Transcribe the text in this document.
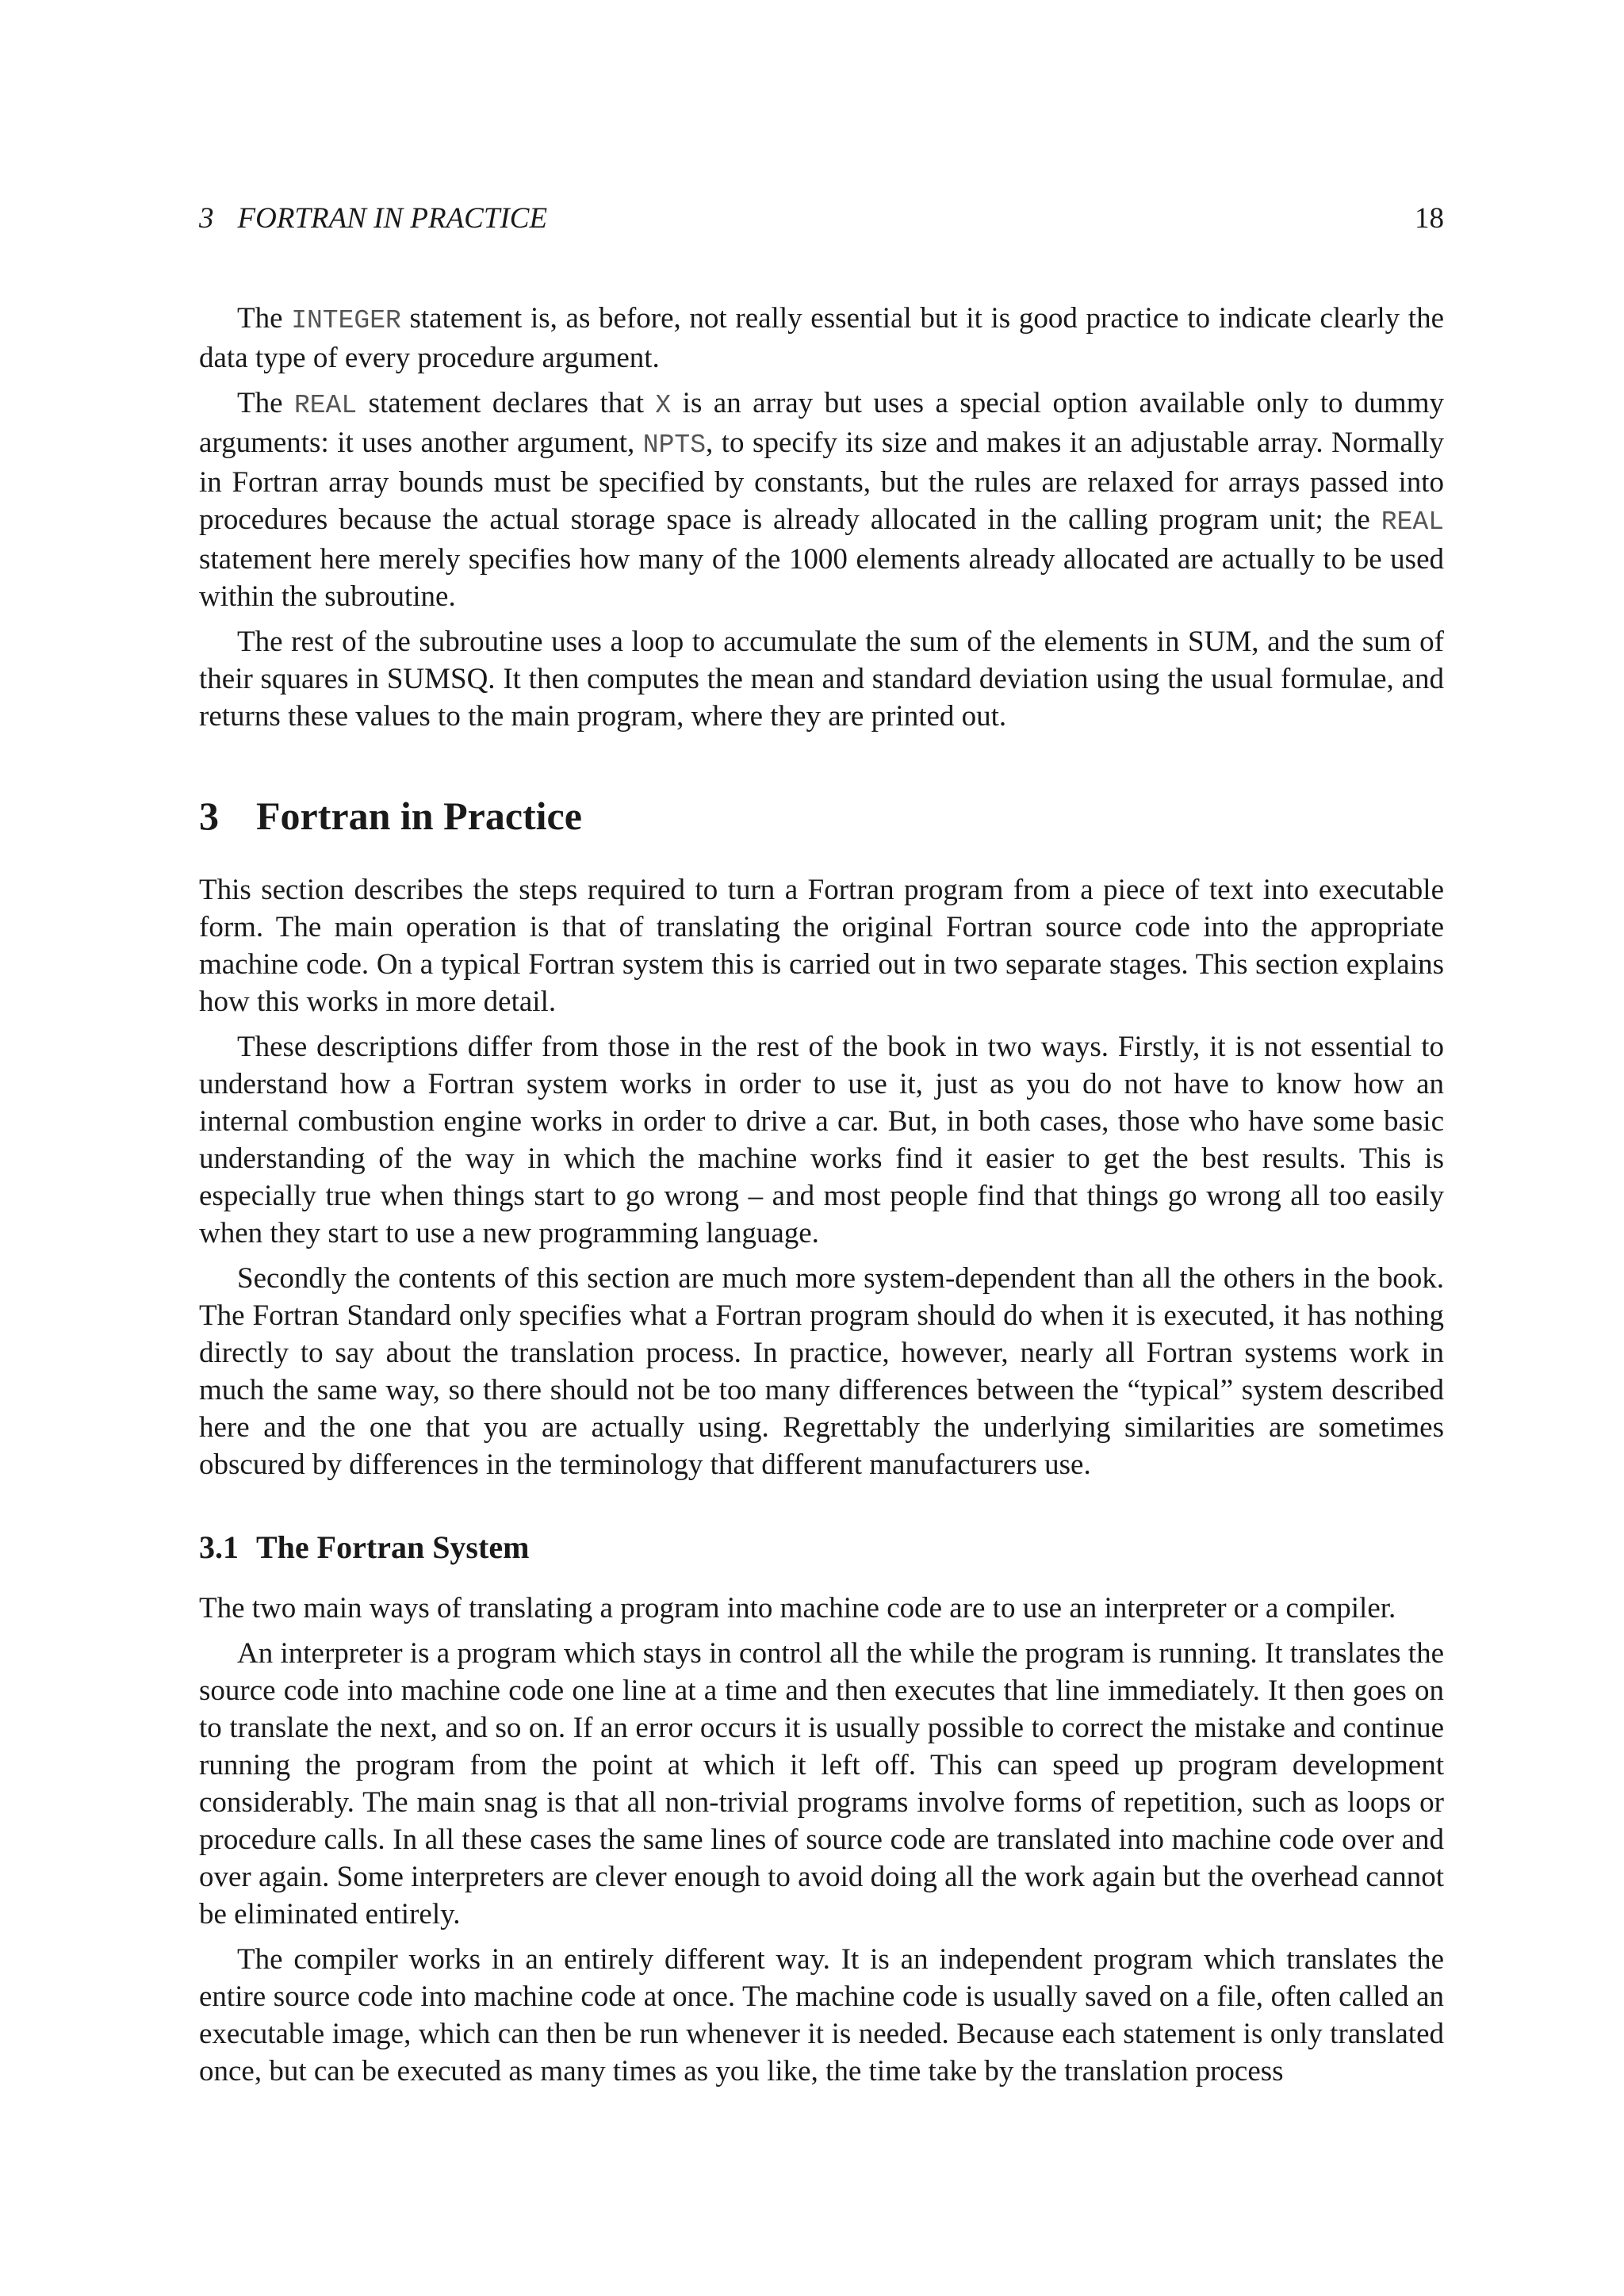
3 FORTRAN IN PRACTICE	18

The INTEGER statement is, as before, not really essential but it is good practice to indicate clearly the data type of every procedure argument.

The REAL statement declares that X is an array but uses a special option available only to dummy arguments: it uses another argument, NPTS, to specify its size and makes it an adjustable array. Normally in Fortran array bounds must be specified by constants, but the rules are relaxed for arrays passed into procedures because the actual storage space is already allocated in the calling program unit; the REAL statement here merely specifies how many of the 1000 elements already allocated are actually to be used within the subroutine.

The rest of the subroutine uses a loop to accumulate the sum of the elements in SUM, and the sum of their squares in SUMSQ. It then computes the mean and standard deviation using the usual formulae, and returns these values to the main program, where they are printed out.

3 Fortran in Practice

This section describes the steps required to turn a Fortran program from a piece of text into executable form. The main operation is that of translating the original Fortran source code into the appropriate machine code. On a typical Fortran system this is carried out in two separate stages. This section explains how this works in more detail.

These descriptions differ from those in the rest of the book in two ways. Firstly, it is not essential to understand how a Fortran system works in order to use it, just as you do not have to know how an internal combustion engine works in order to drive a car. But, in both cases, those who have some basic understanding of the way in which the machine works find it easier to get the best results. This is especially true when things start to go wrong – and most people find that things go wrong all too easily when they start to use a new programming language.

Secondly the contents of this section are much more system-dependent than all the others in the book. The Fortran Standard only specifies what a Fortran program should do when it is executed, it has nothing directly to say about the translation process. In practice, however, nearly all Fortran systems work in much the same way, so there should not be too many differences between the “typical” system described here and the one that you are actually using. Regrettably the underlying similarities are sometimes obscured by differences in the terminology that different manufacturers use.

3.1 The Fortran System

The two main ways of translating a program into machine code are to use an interpreter or a compiler.

An interpreter is a program which stays in control all the while the program is running. It translates the source code into machine code one line at a time and then executes that line immediately. It then goes on to translate the next, and so on. If an error occurs it is usually possible to correct the mistake and continue running the program from the point at which it left off. This can speed up program development considerably. The main snag is that all non-trivial programs involve forms of repetition, such as loops or procedure calls. In all these cases the same lines of source code are translated into machine code over and over again. Some interpreters are clever enough to avoid doing all the work again but the overhead cannot be eliminated entirely.

The compiler works in an entirely different way. It is an independent program which translates the entire source code into machine code at once. The machine code is usually saved on a file, often called an executable image, which can then be run whenever it is needed. Because each statement is only translated once, but can be executed as many times as you like, the time take by the translation process
